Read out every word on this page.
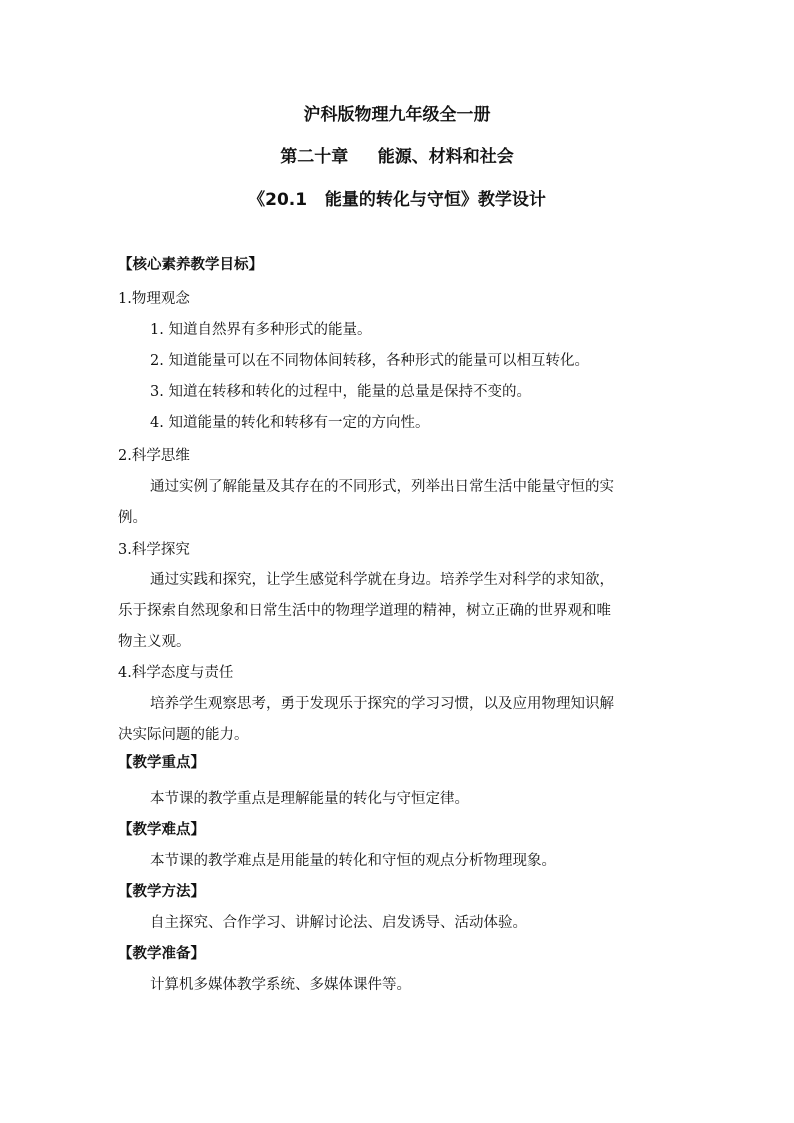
沪科版物理九年级全一册
第二十章     能源、材料和社会
《20.1   能量的转化与守恒》教学设计
【核心素养教学目标】
1.物理观念
1. 知道自然界有多种形式的能量。
2. 知道能量可以在不同物体间转移，各种形式的能量可以相互转化。
3. 知道在转移和转化的过程中，能量的总量是保持不变的。
4. 知道能量的转化和转移有一定的方向性。
2.科学思维
通过实例了解能量及其存在的不同形式，列举出日常生活中能量守恒的实
例。
3.科学探究
通过实践和探究，让学生感觉科学就在身边。培养学生对科学的求知欲，
乐于探索自然现象和日常生活中的物理学道理的精神，树立正确的世界观和唯
物主义观。
4.科学态度与责任
培养学生观察思考，勇于发现乐于探究的学习习惯，以及应用物理知识解
决实际问题的能力。
【教学重点】
本节课的教学重点是理解能量的转化与守恒定律。
【教学难点】
本节课的教学难点是用能量的转化和守恒的观点分析物理现象。
【教学方法】
自主探究、合作学习、讲解讨论法、启发诱导、活动体验。
【教学准备】
计算机多媒体教学系统、多媒体课件等。
